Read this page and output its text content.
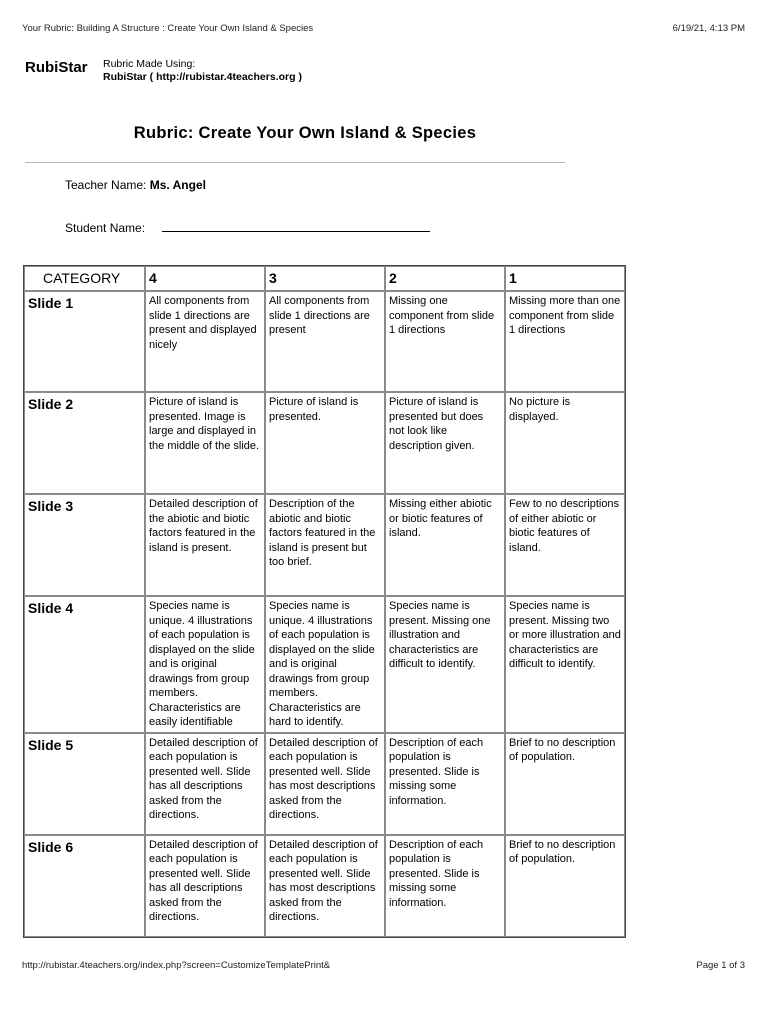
Your Rubric: Building A Structure : Create Your Own Island & Species	6/19/21, 4:13 PM
RubiStar Rubric Made Using:
RubiStar ( http://rubistar.4teachers.org )
Rubric: Create Your Own Island & Species
Teacher Name: Ms. Angel
Student Name:
CATEGORY	4	3	2	1
Slide 1	All components from slide 1 directions are present and displayed nicely	All components from slide 1 directions are present	Missing one component from slide 1 directions	Missing more than one component from slide 1 directions
Slide 2	Picture of island is presented. Image is large and displayed in the middle of the slide.	Picture of island is presented.	Picture of island is presented but does not look like description given.	No picture is displayed.
Slide 3	Detailed description of the abiotic and biotic factors featured in the island is present.	Description of the abiotic and biotic factors featured in the island is present but too brief.	Missing either abiotic or biotic features of island.	Few to no descriptions of either abiotic or biotic features of island.
Slide 4	Species name is unique. 4 illustrations of each population is displayed on the slide and is original drawings from group members. Characteristics are easily identifiable	Species name is unique. 4 illustrations of each population is displayed on the slide and is original drawings from group members. Characteristics are hard to identify.	Species name is present. Missing one illustration and characteristics are difficult to identify.	Species name is present. Missing two or more illustration and characteristics are difficult to identify.
Slide 5	Detailed description of each population is presented well. Slide has all descriptions asked from the directions.	Detailed description of each population is presented well. Slide has most descriptions asked from the directions.	Description of each population is presented. Slide is missing some information.	Brief to no description of population.
Slide 6	Detailed description of each population is presented well. Slide has all descriptions asked from the directions.	Detailed description of each population is presented well. Slide has most descriptions asked from the directions.	Description of each population is presented. Slide is missing some information.	Brief to no description of population.
http://rubistar.4teachers.org/index.php?screen=CustomizeTemplatePrint&	Page 1 of 3
